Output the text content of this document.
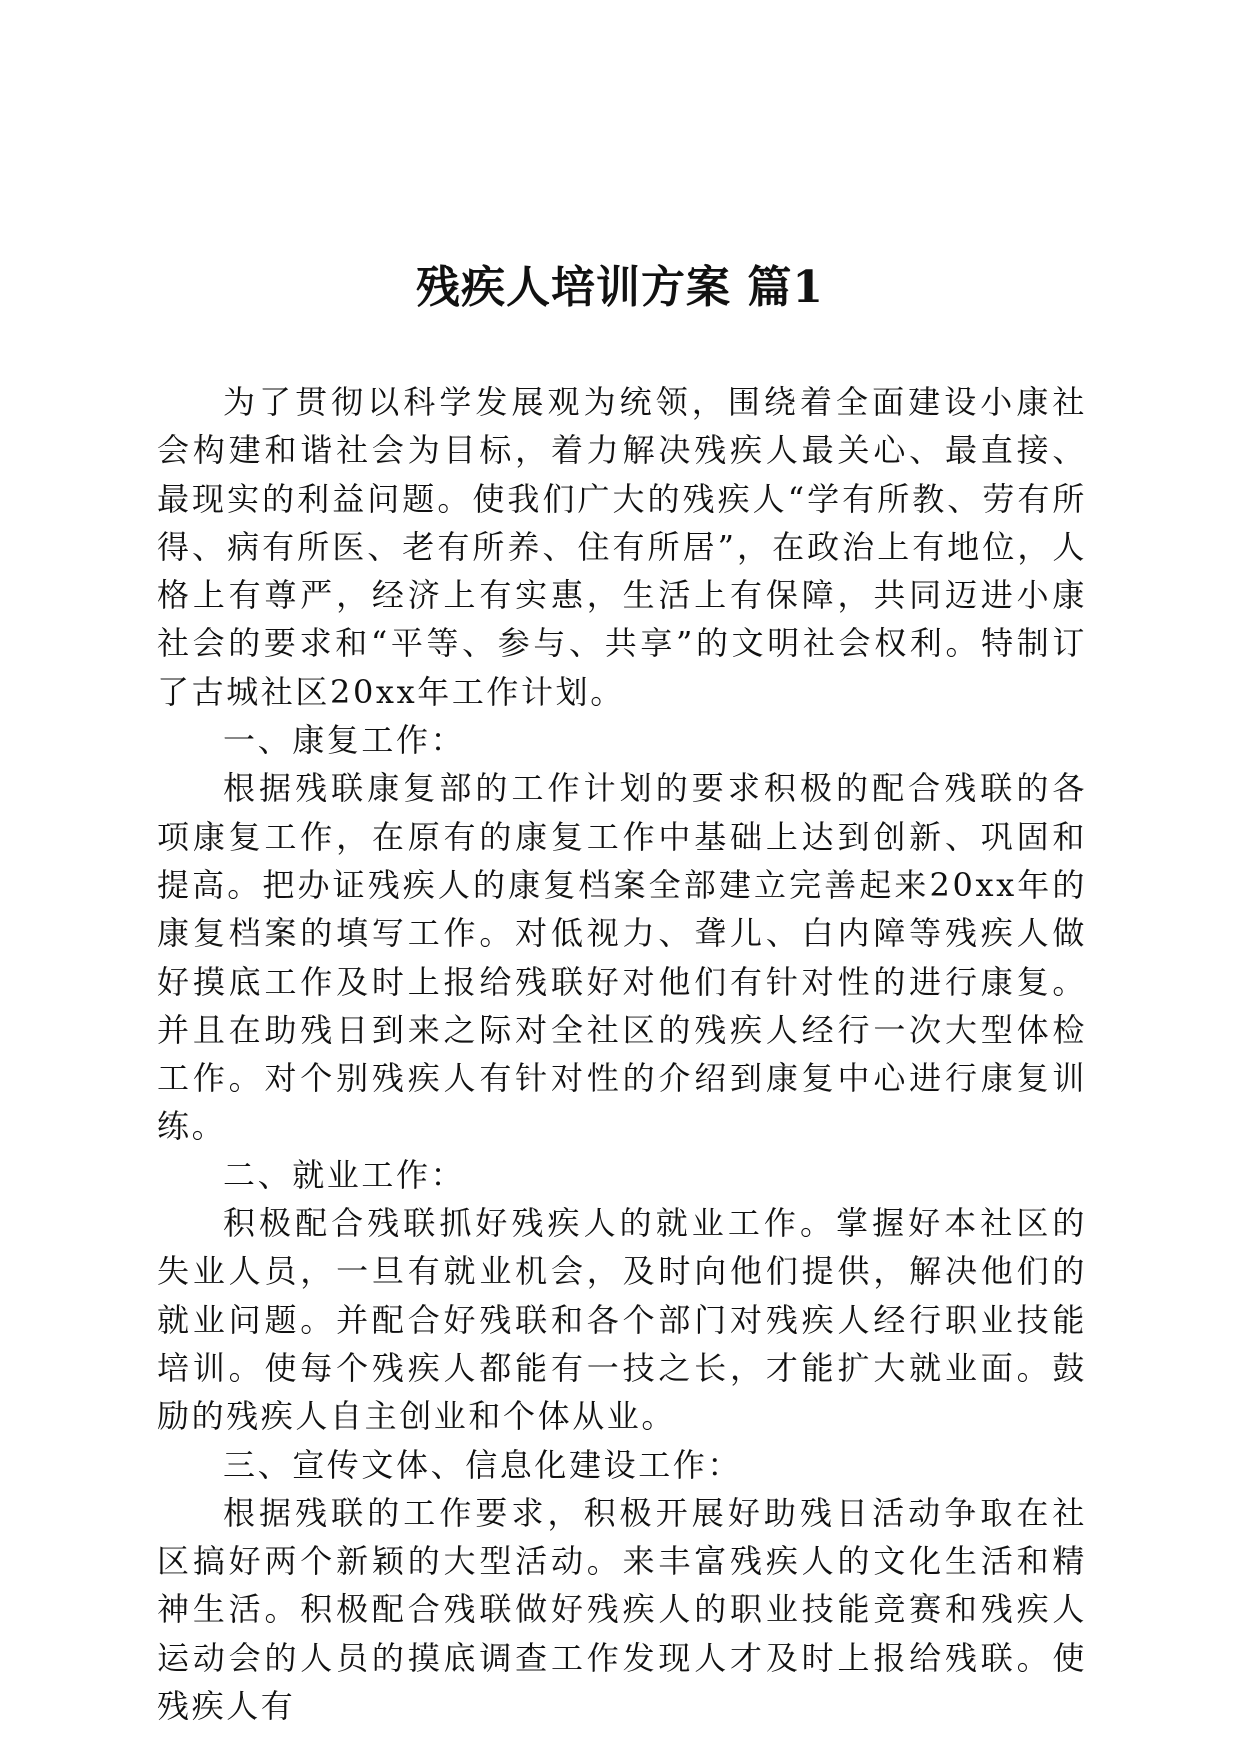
残疾人培训方案 篇1

为了贯彻以科学发展观为统领，围绕着全面建设小康社会构建和谐社会为目标，着力解决残疾人最关心、最直接、最现实的利益问题。使我们广大的残疾人“学有所教、劳有所得、病有所医、老有所养、住有所居”，在政治上有地位，人格上有尊严，经济上有实惠，生活上有保障，共同迈进小康社会的要求和“平等、参与、共享”的文明社会权利。特制订了古城社区20xx年工作计划。

一、康复工作：

根据残联康复部的工作计划的要求积极的配合残联的各项康复工作，在原有的康复工作中基础上达到创新、巩固和提高。把办证残疾人的康复档案全部建立完善起来20xx年的康复档案的填写工作。对低视力、聋儿、白内障等残疾人做好摸底工作及时上报给残联好对他们有针对性的进行康复。并且在助残日到来之际对全社区的残疾人经行一次大型体检工作。对个别残疾人有针对性的介绍到康复中心进行康复训练。

二、就业工作：

积极配合残联抓好残疾人的就业工作。掌握好本社区的失业人员，一旦有就业机会，及时向他们提供，解决他们的就业问题。并配合好残联和各个部门对残疾人经行职业技能培训。使每个残疾人都能有一技之长，才能扩大就业面。鼓励的残疾人自主创业和个体从业。

三、宣传文体、信息化建设工作：

根据残联的工作要求，积极开展好助残日活动争取在社区搞好两个新颖的大型活动。来丰富残疾人的文化生活和精神生活。积极配合残联做好残疾人的职业技能竞赛和残疾人运动会的人员的摸底调查工作发现人才及时上报给残联。使残疾人有
